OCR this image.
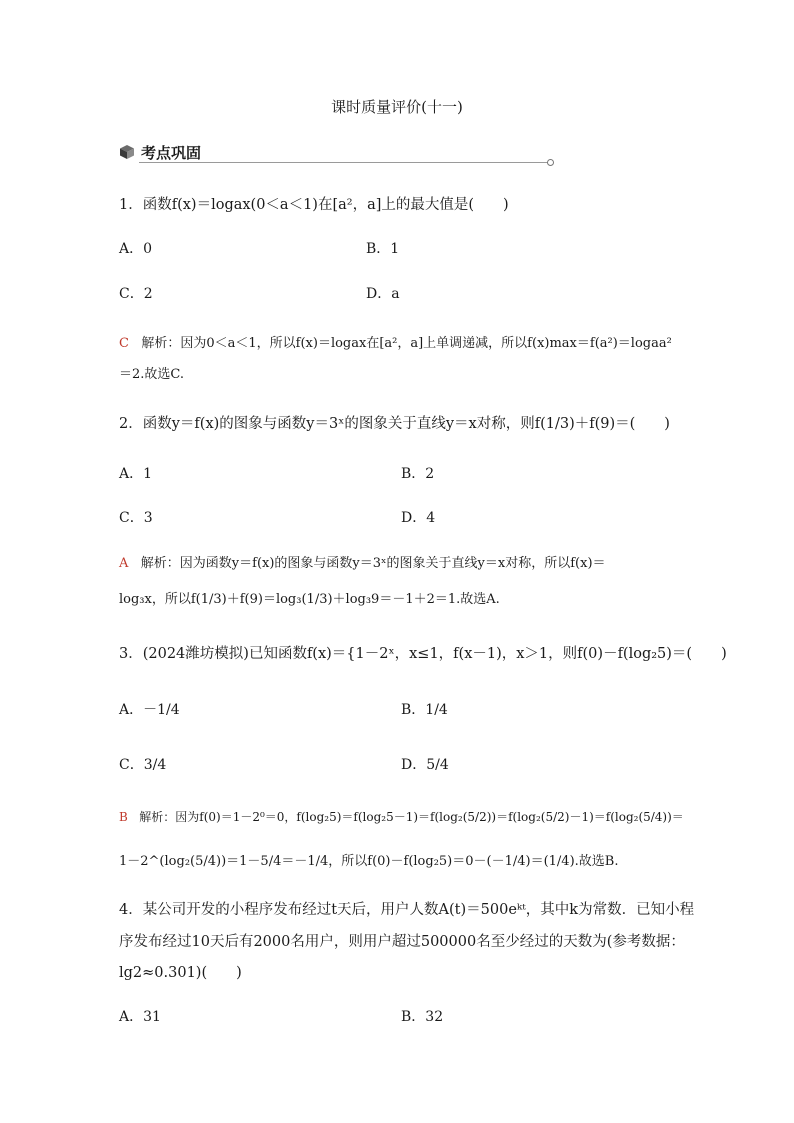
课时质量评价(十一)
考点巩固
1．函数f(x)＝logax(0＜a＜1)在[a²，a]上的最大值是(　　)
A．0	B．1
C．2	D．a
C 解析：因为0＜a＜1，所以f(x)＝logax在[a²，a]上单调递减，所以f(x)max＝f(a²)＝logaa²
＝2.故选C.
2．函数y＝f(x)的图象与函数y＝3ˣ的图象关于直线y＝x对称，则f(1/3)＋f(9)＝(　　)
A．1	B．2
C．3	D．4
A 解析：因为函数y＝f(x)的图象与函数y＝3ˣ的图象关于直线y＝x对称，所以f(x)＝
log₃x，所以f(1/3)＋f(9)＝log₃(1/3)＋log₃9＝－1＋2＝1.故选A.
3．(2024潍坊模拟)已知函数f(x)＝{1－2ˣ，x≤1，f(x－1)，x＞1，则f(0)－f(log₂5)＝(　　)
A．－1/4	B．1/4
C．3/4	D．5/4
B 解析：因为f(0)＝1－2⁰＝0，f(log₂5)＝f(log₂5－1)＝f(log₂(5/2))＝f(log₂(5/2)－1)＝f(log₂(5/4))＝
1－2^(log₂(5/4))＝1－5/4＝－1/4，所以f(0)－f(log₂5)＝0－(－1/4)＝(1/4).故选B.
4．某公司开发的小程序发布经过t天后，用户人数A(t)＝500eᵏᵗ，其中k为常数．已知小程
序发布经过10天后有2000名用户，则用户超过500000名至少经过的天数为(参考数据：
lg2≈0.301)(　　)
A．31	B．32
